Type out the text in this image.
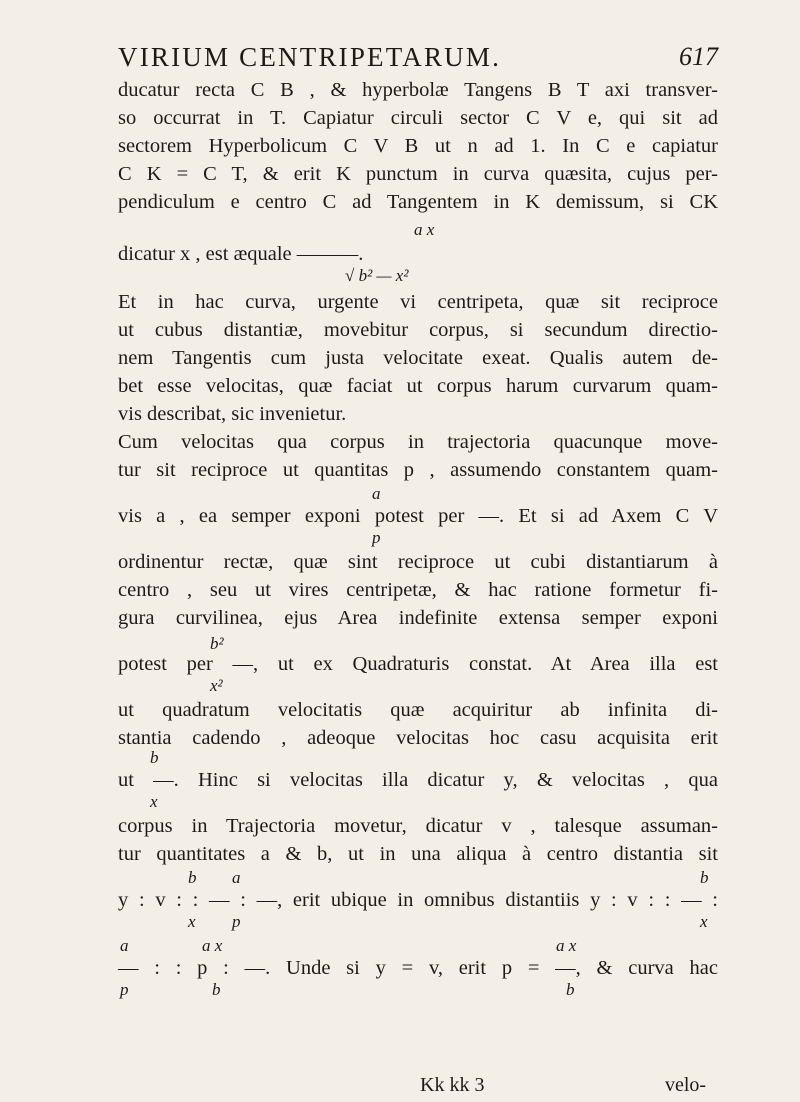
VIRIUM CENTRIPETARUM.	617
ducatur recta C B , & hyperbolæ Tangens B T axi transver-
so occurrat in T. Capiatur circuli sector C V e, qui sit ad
sectorem Hyperbolicum C V B ut n ad 1. In C e capiatur
C K = C T, & erit K punctum in curva quæsita, cujus per-
pendiculum e centro C ad Tangentem in K demissum, si CK
a x
dicatur x , est æquale ———.
√ b² — x²
Et in hac curva, urgente vi centripeta, quæ sit reciproce
ut cubus distantiæ, movebitur corpus, si secundum directio-
nem Tangentis cum justa velocitate exeat. Qualis autem de-
bet esse velocitas, quæ faciat ut corpus harum curvarum quam-
vis describat, sic invenietur.
Cum velocitas qua corpus in trajectoria quacunque move-
tur sit reciproce ut quantitas p , assumendo constantem quam-
a
vis a , ea semper exponi potest per —. Et si ad Axem C V
p
ordinentur rectæ, quæ sint reciproce ut cubi distantiarum à
centro , seu ut vires centripetæ, & hac ratione formetur fi-
gura curvilinea, ejus Area indefinite extensa semper exponi
potest per —, ut ex Quadraturis constat. At Area illa est
b²
x²
ut quadratum velocitatis quæ acquiritur ab infinita di-
stantia cadendo , adeoque velocitas hoc casu acquisita erit
b
ut —. Hinc si velocitas illa dicatur y, & velocitas , qua
x
corpus in Trajectoria movetur, dicatur v , talesque assuman-
tur quantitates a & b, ut in una aliqua à centro distantia sit
b a	b
y : v : : — : —, erit ubique in omnibus distantiis y : v : : — :
x p	x
a	a x	a x
— : : p : —. Unde si y = v, erit p = —, & curva hac
p	b	b
Kk kk 3	velo-
